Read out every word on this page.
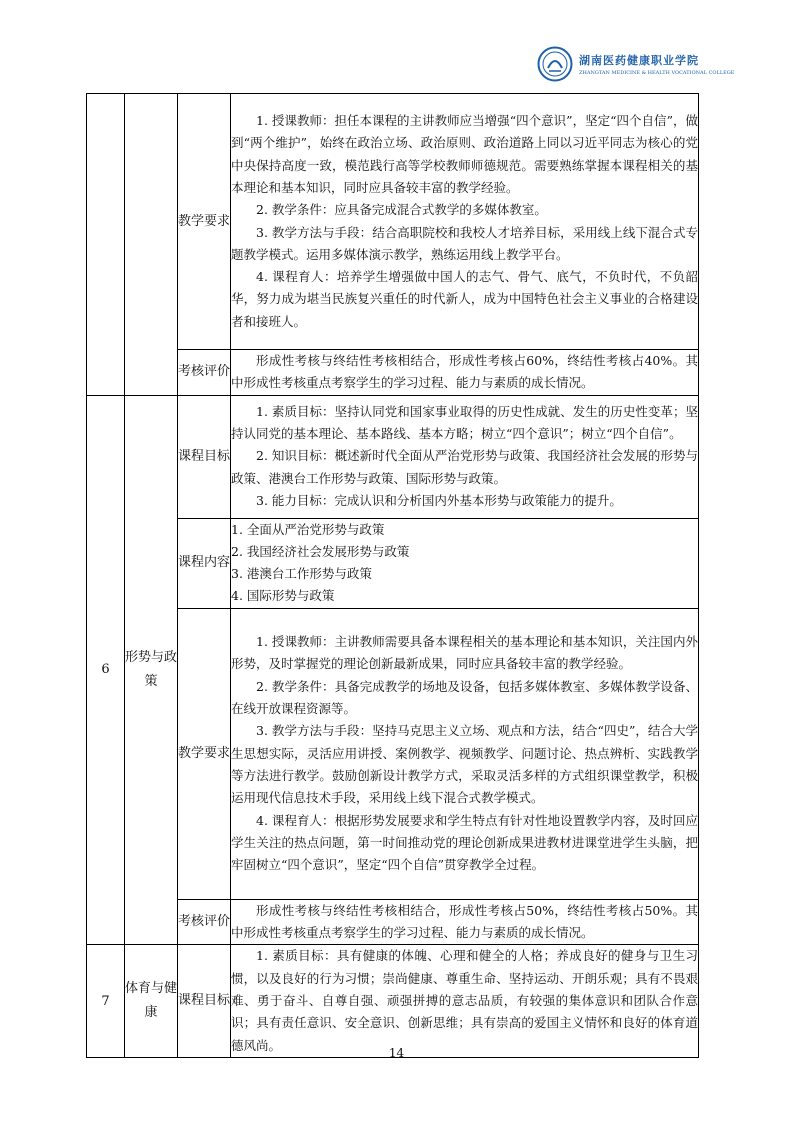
湖南医药健康职业学院
ZHANGTAN MEDICINE & HEALTH VOCATIONAL COLLEGE
		教学要求	1. 授课教师：担任本课程的主讲教师应当增强“四个意识”，坚定“四个自信”，做到“两个维护”，始终在政治立场、政治原则、政治道路上同以习近平同志为核心的党中央保持高度一致，模范践行高等学校教师师德规范。需要熟练掌握本课程相关的基本理论和基本知识，同时应具备较丰富的教学经验。
2. 教学条件：应具备完成混合式教学的多媒体教室。
3. 教学方法与手段：结合高职院校和我校人才培养目标，采用线上线下混合式专题教学模式。运用多媒体演示教学，熟练运用线上教学平台。
4. 课程育人：培养学生增强做中国人的志气、骨气、底气，不负时代，不负韶华，努力成为堪当民族复兴重任的时代新人，成为中国特色社会主义事业的合格建设者和接班人。

		考核评价	形成性考核与终结性考核相结合，形成性考核占60%，终结性考核占40%。其中形成性考核重点考察学生的学习过程、能力与素质的成长情况。

6	形势与政策	课程目标	1. 素质目标：坚持认同党和国家事业取得的历史性成就、发生的历史性变革；坚持认同党的基本理论、基本路线、基本方略；树立“四个意识”；树立“四个自信”。
2. 知识目标：概述新时代全面从严治党形势与政策、我国经济社会发展的形势与政策、港澳台工作形势与政策、国际形势与政策。
3. 能力目标：完成认识和分析国内外基本形势与政策能力的提升。

		课程内容	1. 全面从严治党形势与政策
2. 我国经济社会发展形势与政策
3. 港澳台工作形势与政策
4. 国际形势与政策

		教学要求	1. 授课教师：主讲教师需要具备本课程相关的基本理论和基本知识，关注国内外形势，及时掌握党的理论创新最新成果，同时应具备较丰富的教学经验。
2. 教学条件：具备完成教学的场地及设备，包括多媒体教室、多媒体教学设备、在线开放课程资源等。
3. 教学方法与手段：坚持马克思主义立场、观点和方法，结合“四史”，结合大学生思想实际，灵活应用讲授、案例教学、视频教学、问题讨论、热点辨析、实践教学等方法进行教学。鼓励创新设计教学方式，采取灵活多样的方式组织课堂教学，积极运用现代信息技术手段，采用线上线下混合式教学模式。
4. 课程育人：根据形势发展要求和学生特点有针对性地设置教学内容，及时回应学生关注的热点问题，第一时间推动党的理论创新成果进教材进课堂进学生头脑，把牢固树立“四个意识”，坚定“四个自信”贯穿教学全过程。

		考核评价	形成性考核与终结性考核相结合，形成性考核占50%，终结性考核占50%。其中形成性考核重点考察学生的学习过程、能力与素质的成长情况。

7	体育与健康	课程目标	1. 素质目标：具有健康的体魄、心理和健全的人格；养成良好的健身与卫生习惯，以及良好的行为习惯；崇尚健康、尊重生命、坚持运动、开朗乐观；具有不畏艰难、勇于奋斗、自尊自强、顽强拼搏的意志品质，有较强的集体意识和团队合作意识；具有责任意识、安全意识、创新思维；具有崇高的爱国主义情怀和良好的体育道德风尚。
14
